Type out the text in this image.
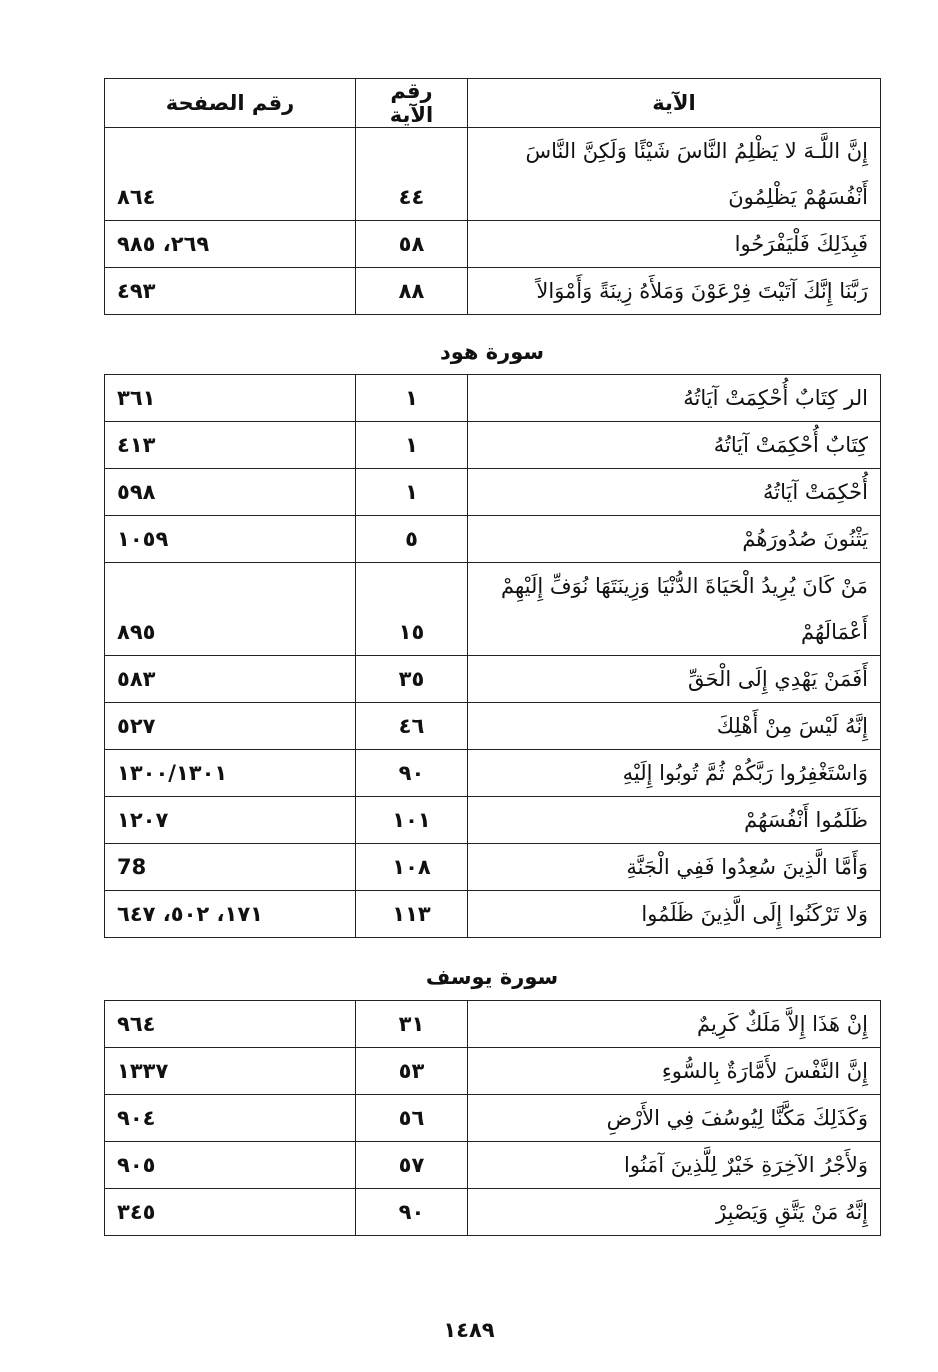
الآية	رقم الآية	رقم الصفحة
إِنَّ اللَّـهَ لا يَظْلِمُ النَّاسَ شَيْئًا وَلَكِنَّ النَّاسَ أَنْفُسَهُمْ يَظْلِمُونَ	٤٤	٨٦٤
فَبِذَلِكَ فَلْيَفْرَحُوا	٥٨	٢٦٩، ٩٨٥
رَبَّنَا إِنَّكَ آتَيْتَ فِرْعَوْنَ وَمَلأَهُ زِينَةً وَأَمْوَالاً	٨٨	٤٩٣
سورة هود
الر كِتَابٌ أُحْكِمَتْ آيَاتُهُ	١	٣٦١
كِتَابٌ أُحْكِمَتْ آيَاتُهُ	١	٤١٣
أُحْكِمَتْ آيَاتُهُ	١	٥٩٨
يَثْنُونَ صُدُورَهُمْ	٥	١٠٥٩
مَنْ كَانَ يُرِيدُ الْحَيَاةَ الدُّنْيَا وَزِينَتَهَا نُوَفِّ إِلَيْهِمْ أَعْمَالَهُمْ	١٥	٨٩٥
أَفَمَنْ يَهْدِي إِلَى الْحَقِّ	٣٥	٥٨٣
إِنَّهُ لَيْسَ مِنْ أَهْلِكَ	٤٦	٥٢٧
وَاسْتَغْفِرُوا رَبَّكُمْ ثُمَّ تُوبُوا إِلَيْهِ	٩٠	١٣٠٠/١٣٠١
ظَلَمُوا أَنْفُسَهُمْ	١٠١	١٢٠٧
وَأَمَّا الَّذِينَ سُعِدُوا فَفِي الْجَنَّةِ	١٠٨	78
وَلا تَرْكَنُوا إِلَى الَّذِينَ ظَلَمُوا	١١٣	١٧١، ٥٠٢، ٦٤٧
سورة يوسف
إِنْ هَذَا إِلاَّ مَلَكٌ كَرِيمٌ	٣١	٩٦٤
إِنَّ النَّفْسَ لأَمَّارَةٌ بِالسُّوءِ	٥٣	١٣٣٧
وَكَذَلِكَ مَكَّنَّا لِيُوسُفَ فِي الأَرْضِ	٥٦	٩٠٤
وَلأَجْرُ الآخِرَةِ خَيْرٌ لِلَّذِينَ آمَنُوا	٥٧	٩٠٥
إِنَّهُ مَنْ يَتَّقِ وَيَصْبِرْ	٩٠	٣٤٥
١٤٨٩
